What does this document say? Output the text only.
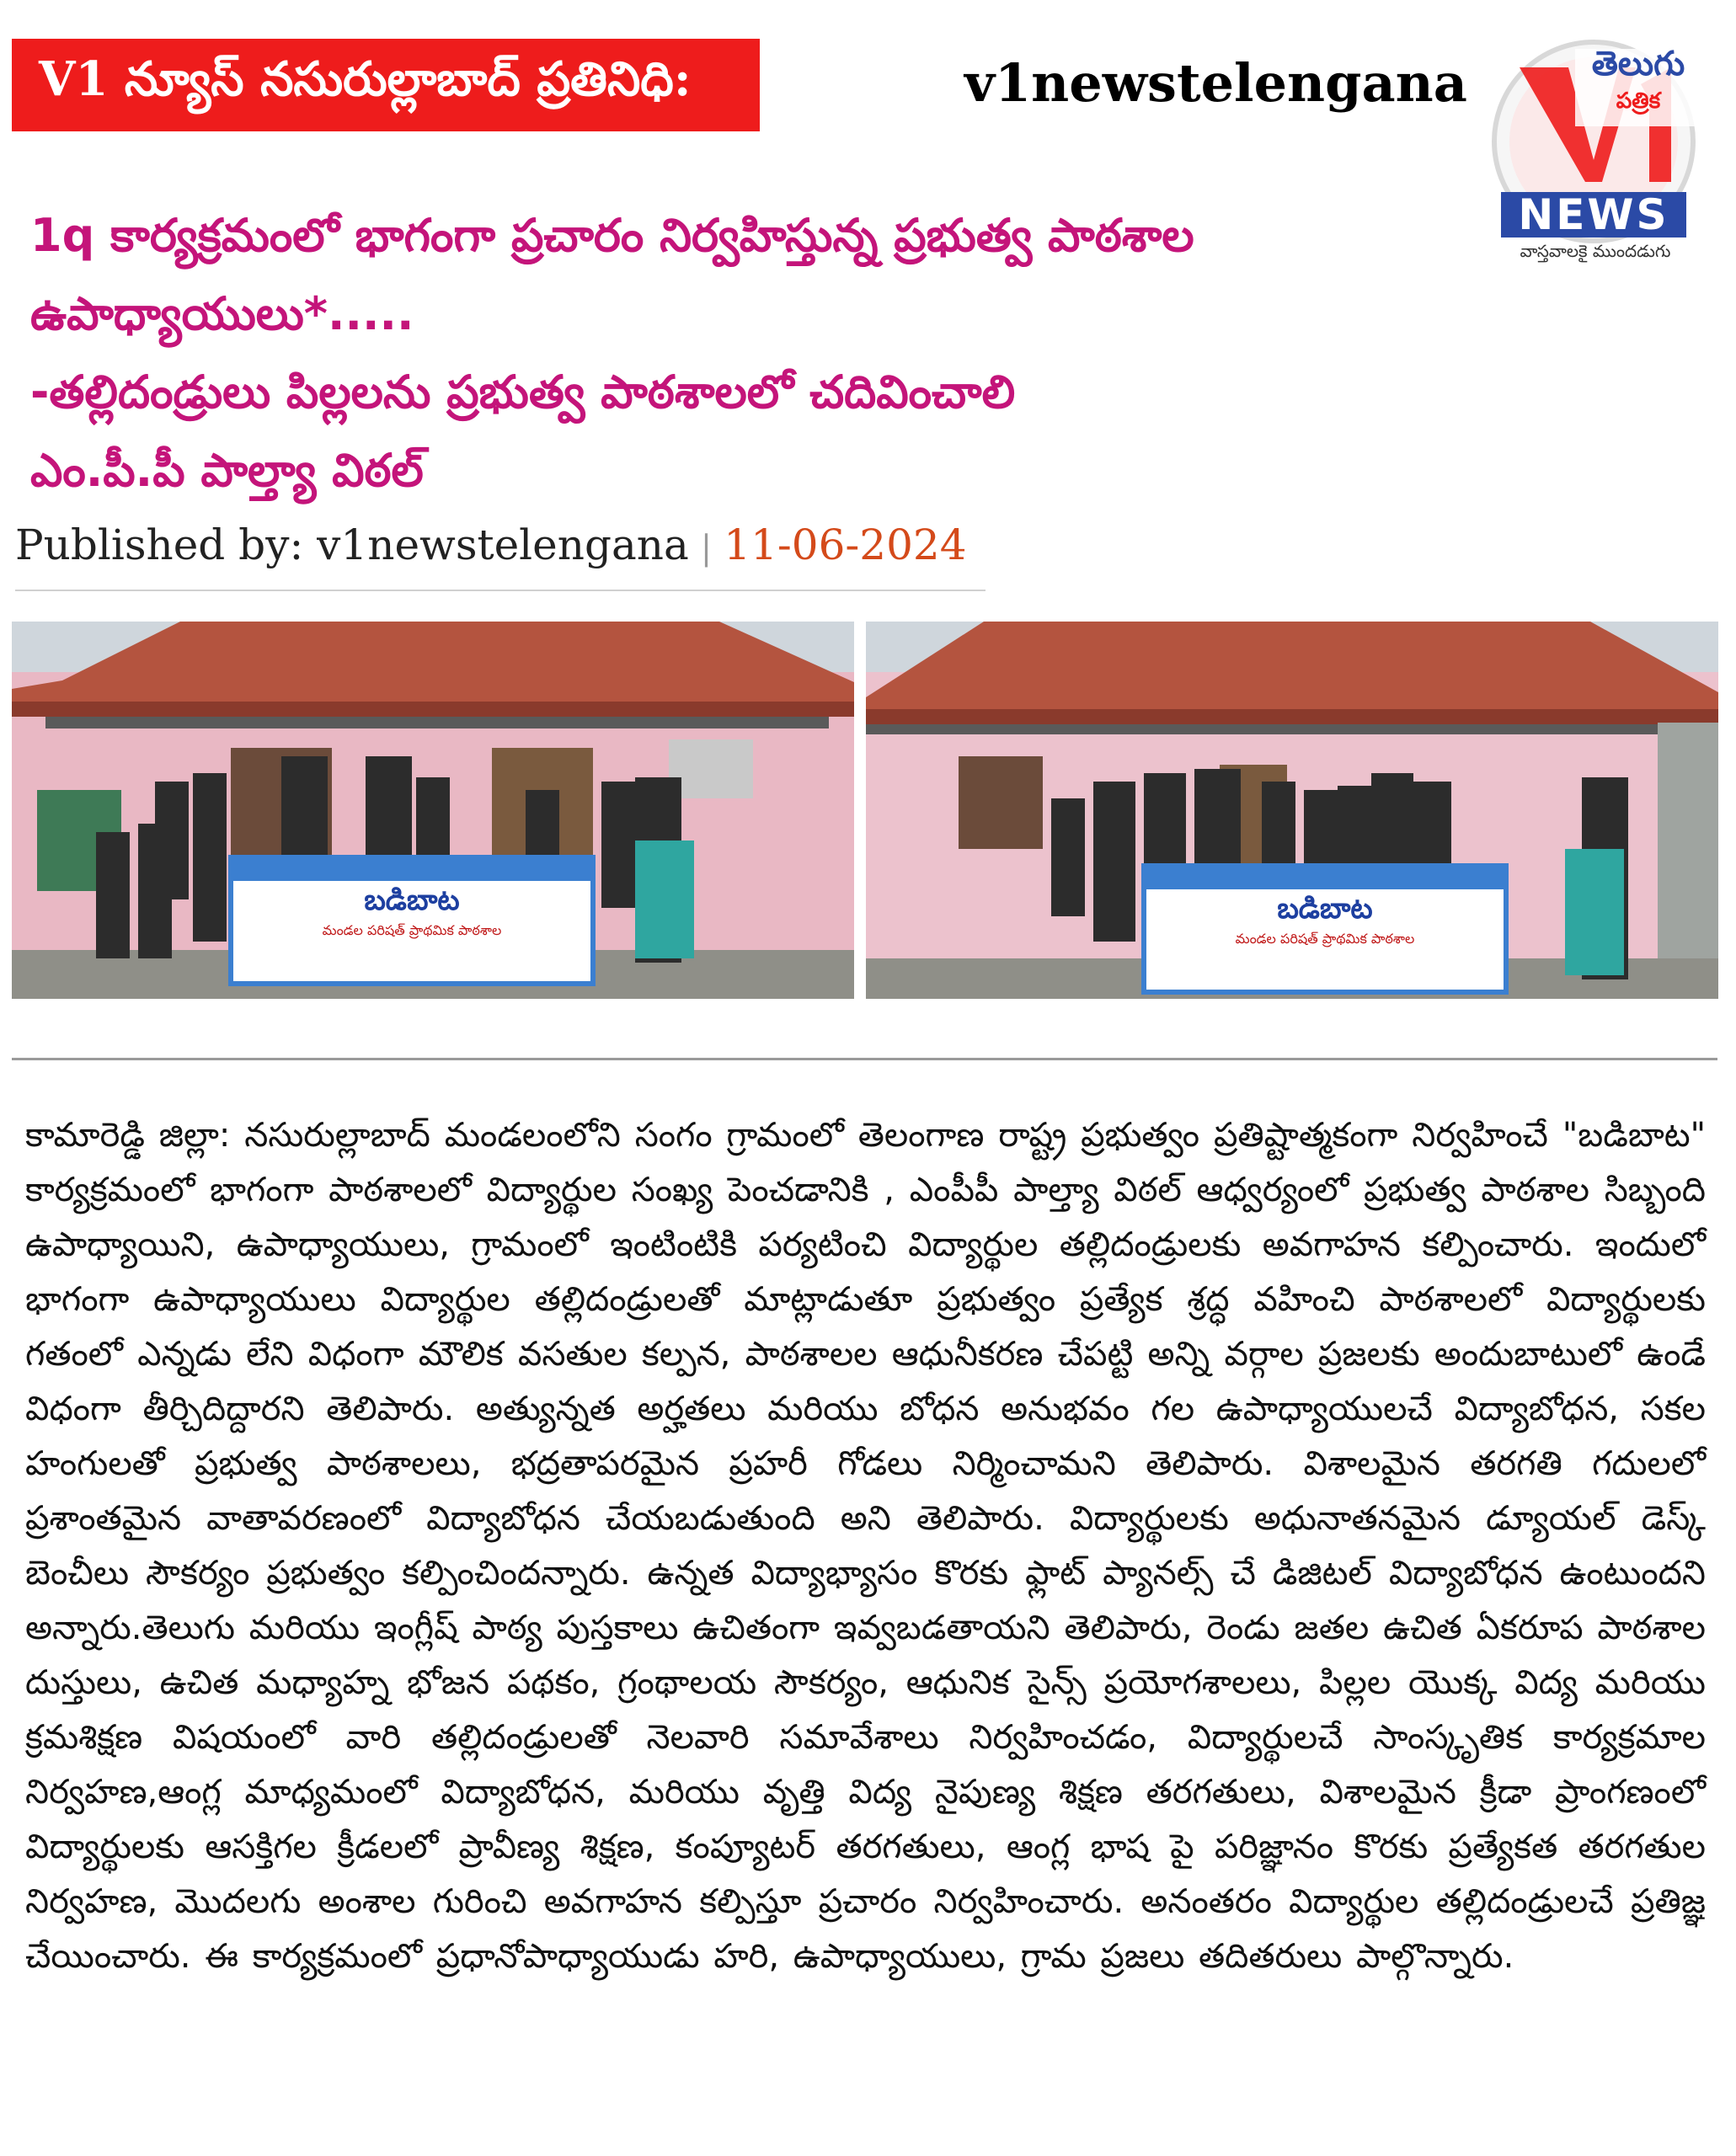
V1 న్యూస్ నసురుల్లాబాద్ ప్రతినిధి:	v1newstelengana	తెలుగు
పత్రిక
NEWS
వాస్తవాలకై ముందడుగు
1q కార్యక్రమంలో భాగంగా ప్రచారం నిర్వహిస్తున్న ప్రభుత్వ పాఠశాల
ఉపాధ్యాయులు*.....
-తల్లిదండ్రులు పిల్లలను ప్రభుత్వ పాఠశాలలో చదివించాలి
ఎం.పీ.పీ పాల్త్యా విఠల్
Published by: v1newstelengana | 11-06-2024
బడిబాట
మండల పరిషత్ ప్రాథమిక పాఠశాల
బడిబాట
మండల పరిషత్ ప్రాథమిక పాఠశాల
కామారెడ్డి జిల్లా: నసురుల్లాబాద్ మండలంలోని సంగం గ్రామంలో తెలంగాణ రాష్ట్ర ప్రభుత్వం ప్రతిష్టాత్మకంగా నిర్వహించే "బడిబాట" కార్యక్రమంలో భాగంగా పాఠశాలలో విద్యార్థుల సంఖ్య పెంచడానికి , ఎంపీపీ పాల్త్యా విఠల్ ఆధ్వర్యంలో ప్రభుత్వ పాఠశాల సిబ్బంది ఉపాధ్యాయిని, ఉపాధ్యాయులు, గ్రామంలో ఇంటింటికి పర్యటించి విద్యార్థుల తల్లిదండ్రులకు అవగాహన కల్పించారు. ఇందులో భాగంగా ఉపాధ్యాయులు విద్యార్థుల తల్లిదండ్రులతో మాట్లాడుతూ ప్రభుత్వం ప్రత్యేక శ్రద్ధ వహించి పాఠశాలలో విద్యార్థులకు గతంలో ఎన్నడు లేని విధంగా మౌలిక వసతుల కల్పన, పాఠశాలల ఆధునీకరణ చేపట్టి అన్ని వర్గాల ప్రజలకు అందుబాటులో ఉండే విధంగా తీర్చిదిద్దారని తెలిపారు. అత్యున్నత అర్హతలు మరియు బోధన అనుభవం గల ఉపాధ్యాయులచే విద్యాబోధన, సకల హంగులతో ప్రభుత్వ పాఠశాలలు, భద్రతాపరమైన ప్రహరీ గోడలు నిర్మించామని తెలిపారు. విశాలమైన తరగతి గదులలో ప్రశాంతమైన వాతావరణంలో విద్యాబోధన చేయబడుతుంది అని తెలిపారు. విద్యార్థులకు అధునాతనమైన డ్యూయల్ డెస్క్ బెంచీలు సౌకర్యం ప్రభుత్వం కల్పించిందన్నారు. ఉన్నత విద్యాభ్యాసం కొరకు ఫ్లాట్ ప్యానల్స్ చే డిజిటల్ విద్యాబోధన ఉంటుందని అన్నారు.తెలుగు మరియు ఇంగ్లీష్ పాఠ్య పుస్తకాలు ఉచితంగా ఇవ్వబడతాయని తెలిపారు, రెండు జతల ఉచిత ఏకరూప పాఠశాల దుస్తులు, ఉచిత మధ్యాహ్న భోజన పథకం, గ్రంథాలయ సౌకర్యం, ఆధునిక సైన్స్ ప్రయోగశాలలు, పిల్లల యొక్క విద్య మరియు క్రమశిక్షణ విషయంలో వారి తల్లిదండ్రులతో నెలవారి సమావేశాలు నిర్వహించడం, విద్యార్థులచే సాంస్కృతిక కార్యక్రమాల నిర్వహణ,ఆంగ్ల మాధ్యమంలో విద్యాబోధన, మరియు వృత్తి విద్య నైపుణ్య శిక్షణ తరగతులు, విశాలమైన క్రీడా ప్రాంగణంలో విద్యార్థులకు ఆసక్తిగల క్రీడలలో ప్రావీణ్య శిక్షణ, కంప్యూటర్ తరగతులు, ఆంగ్ల భాష పై పరిజ్ఞానం కొరకు ప్రత్యేకత తరగతుల నిర్వహణ, మొదలగు అంశాల గురించి అవగాహన కల్పిస్తూ ప్రచారం నిర్వహించారు. అనంతరం విద్యార్థుల తల్లిదండ్రులచే ప్రతిజ్ఞ చేయించారు. ఈ కార్యక్రమంలో ప్రధానోపాధ్యాయుడు హరి, ఉపాధ్యాయులు, గ్రామ ప్రజలు తదితరులు పాల్గొన్నారు.
